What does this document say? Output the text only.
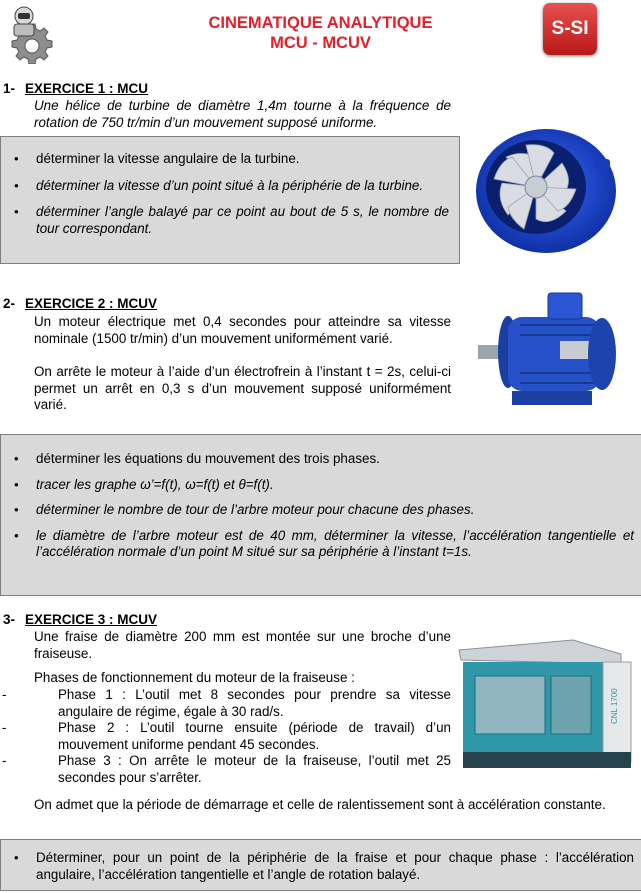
CINEMATIQUE ANALYTIQUE
MCU - MCUV
S-SI
1- EXERCICE 1 : MCU
Une hélice de turbine de diamètre 1,4m tourne à la fréquence de rotation de 750 tr/min d’un mouvement supposé uniforme.
• déterminer la vitesse angulaire de la turbine.
• déterminer la vitesse d’un point situé à la périphérie de la turbine.
• déterminer l’angle balayé par ce point au bout de 5 s, le nombre de tour correspondant.
2- EXERCICE 2 : MCUV
Un moteur électrique met 0,4 secondes pour atteindre sa vitesse nominale (1500 tr/min) d’un mouvement uniformément varié.
On arrête le moteur à l’aide d’un électrofrein à l’instant t = 2s, celui-ci permet un arrêt en 0,3 s d’un mouvement supposé uniformément varié.
• déterminer les équations du mouvement des trois phases.
• tracer les graphe ω’=f(t), ω=f(t) et θ=f(t).
• déterminer le nombre de tour de l’arbre moteur pour chacune des phases.
• le diamètre de l’arbre moteur est de 40 mm, déterminer la vitesse, l’accélération tangentielle et l’accélération normale d’un point M situé sur sa périphérie à l’instant t=1s.
3- EXERCICE 3 : MCUV
Une fraise de diamètre 200 mm est montée sur une broche d’une fraiseuse.
Phases de fonctionnement du moteur de la fraiseuse :
- Phase 1 : L’outil met 8 secondes pour prendre sa vitesse angulaire de régime, égale à 30 rad/s.
- Phase 2 : L’outil tourne ensuite (période de travail) d’un mouvement uniforme pendant 45 secondes.
- Phase 3 : On arrête le moteur de la fraiseuse, l’outil met 25 secondes pour s’arrêter.
On admet que la période de démarrage et celle de ralentissement sont à accélération constante.
CNL 1700
• Déterminer, pour un point de la périphérie de la fraise et pour chaque phase : l’accélération angulaire, l’accélération tangentielle et l’angle de rotation balayé.
